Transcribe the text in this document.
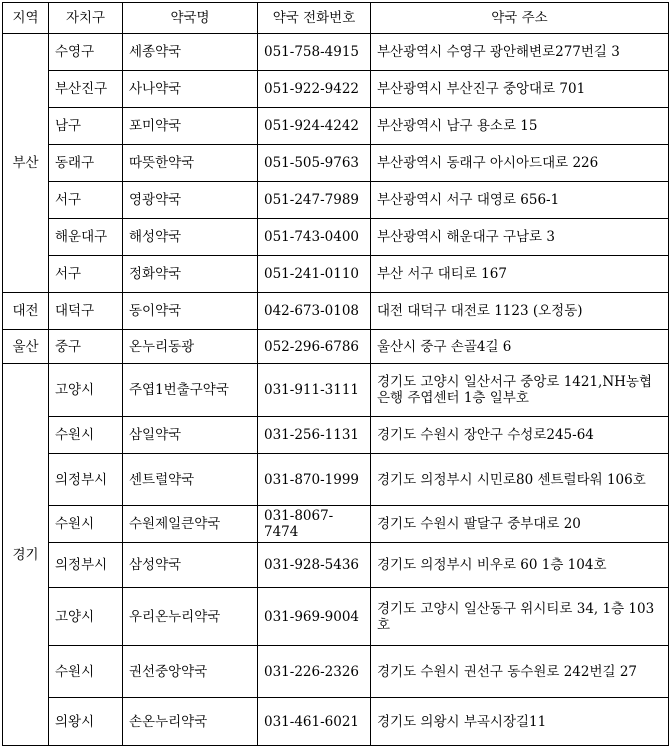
지역	자치구	약국명	약국 전화번호	약국 주소
부산	수영구	세종약국	051-758-4915	부산광역시 수영구 광안해변로277번길 3
	부산진구	사나약국	051-922-9422	부산광역시 부산진구 중앙대로 701
	남구	포미약국	051-924-4242	부산광역시 남구 용소로 15
	동래구	따뜻한약국	051-505-9763	부산광역시 동래구 아시아드대로 226
	서구	영광약국	051-247-7989	부산광역시 서구 대영로 656-1
	해운대구	해성약국	051-743-0400	부산광역시 해운대구 구남로 3
	서구	정화약국	051-241-0110	부산 서구 대티로 167
대전	대덕구	동이약국	042-673-0108	대전 대덕구 대전로 1123 (오정동)
울산	중구	온누리동광	052-296-6786	울산시 중구 손골4길 6
경기	고양시	주엽1번출구약국	031-911-3111	경기도 고양시 일산서구 중앙로 1421,NH농협은행 주엽센터 1층 일부호
	수원시	삼일약국	031-256-1131	경기도 수원시 장안구 수성로245-64
	의정부시	센트럴약국	031-870-1999	경기도 의정부시 시민로80 센트럴타워 106호
	수원시	수원제일큰약국	031-8067-7474	경기도 수원시 팔달구 중부대로 20
	의정부시	삼성약국	031-928-5436	경기도 의정부시 비우로 60 1층 104호
	고양시	우리온누리약국	031-969-9004	경기도 고양시 일산동구 위시티로 34, 1층 103호
	수원시	권선중앙약국	031-226-2326	경기도 수원시 권선구 동수원로 242번길 27
	의왕시	손온누리약국	031-461-6021	경기도 의왕시 부곡시장길11
